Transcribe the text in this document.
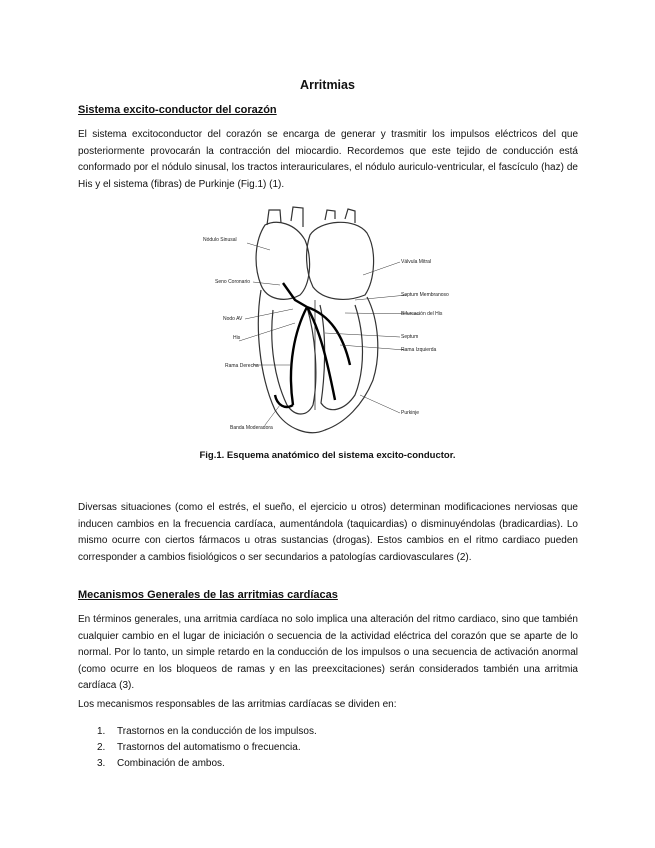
Arritmias
Sistema excito-conductor del corazón

El sistema excitoconductor del corazón se encarga de generar y trasmitir los impulsos eléctricos del que posteriormente provocarán la contracción del miocardio. Recordemos que este tejido de conducción está conformado por el nódulo sinusal, los tractos interauriculares, el nódulo auriculo-ventricular, el fascículo (haz) de His y el sistema (fibras) de Purkinje (Fig.1) (1).

Nódulo Sinusal
Seno Coronario
Nodo AV
His
Rama Derecha
Banda Moderadora
Válvula Mitral
Septum Membranoso
Bifurcación del His
Septum
Rama Izquierda
Purkinje
Fig.1. Esquema anatómico del sistema excito-conductor.

Diversas situaciones (como el estrés, el sueño, el ejercicio u otros) determinan modificaciones nerviosas que inducen cambios en la frecuencia cardíaca, aumentándola (taquicardias) o disminuyéndolas (bradicardias). Lo mismo ocurre con ciertos fármacos u otras sustancias (drogas). Estos cambios en el ritmo cardiaco pueden corresponder a cambios fisiológicos o ser secundarios a patologías cardiovasculares (2).

Mecanismos Generales de las arritmias cardíacas

En términos generales, una arritmia cardíaca no solo implica una alteración del ritmo cardiaco, sino que también cualquier cambio en el lugar de iniciación o secuencia de la actividad eléctrica del corazón que se aparte de lo normal. Por lo tanto, un simple retardo en la conducción de los impulsos o una secuencia de activación anormal (como ocurre en los bloqueos de ramas y en las preexcitaciones) serán considerados también una arritmia cardíaca (3).

Los mecanismos responsables de las arritmias cardíacas se dividen en:

1.	Trastornos en la conducción de los impulsos.
2.	Trastornos del automatismo o frecuencia.
3.	Combinación de ambos.
